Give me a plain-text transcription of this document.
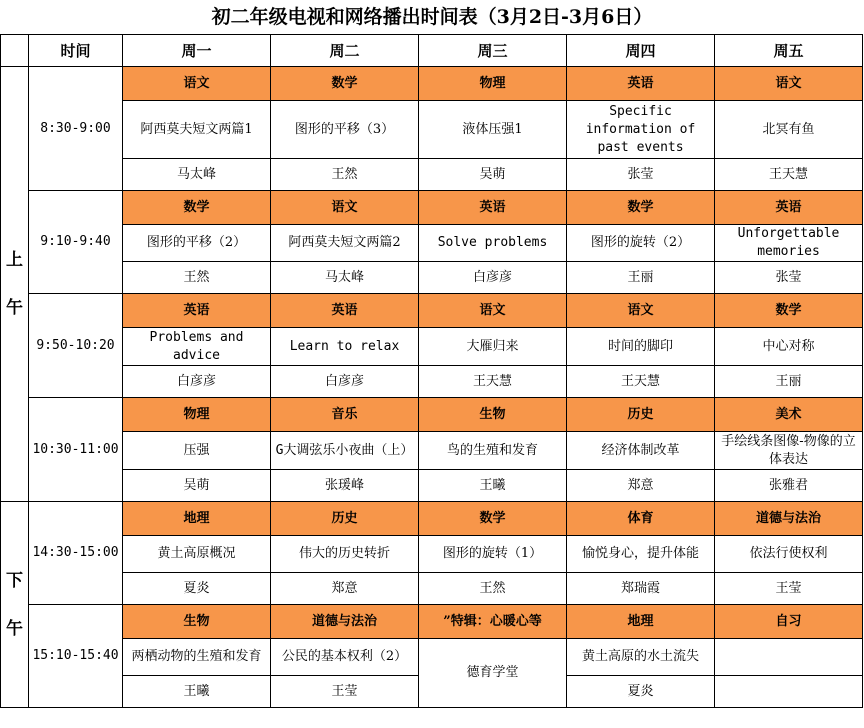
初二年级电视和网络播出时间表（3月2日-3月6日）
	时间	周一	周二	周三	周四	周五

上
午	8:30-9:00	语文	数学	物理	英语	语文
		阿西莫夫短文两篇1	图形的平移（3）	液体压强1	Specific information of past events	北冥有鱼
		马太峰	王然	吴萌	张莹	王天慧
	9:10-9:40	数学	语文	英语	数学	英语
		图形的平移（2）	阿西莫夫短文两篇2	Solve problems	图形的旋转（2）	Unforgettable memories
		王然	马太峰	白彦彦	王丽	张莹
	9:50-10:20	英语	英语	语文	语文	数学
		Problems and advice	Learn to relax	大雁归来	时间的脚印	中心对称
		白彦彦	白彦彦	王天慧	王天慧	王丽
	10:30-11:00	物理	音乐	生物	历史	美术
		压强	G大调弦乐小夜曲（上）	鸟的生殖和发育	经济体制改革	手绘线条图像-物像的立体表达
		吴萌	张瑗峰	王曦	郑意	张雅君

下
午	14:30-15:00	地理	历史	数学	体育	道德与法治
		黄土高原概况	伟大的历史转折	图形的旋转（1）	愉悦身心，提升体能	依法行使权利
		夏炎	郑意	王然	郑瑞霞	王莹
	15:10-15:40	生物	道德与法治	”特辑：心暖心等	地理	自习
		两栖动物的生殖和发育	公民的基本权利（2）	德育学堂	黄土高原的水土流失	
		王曦	王莹		夏炎	
